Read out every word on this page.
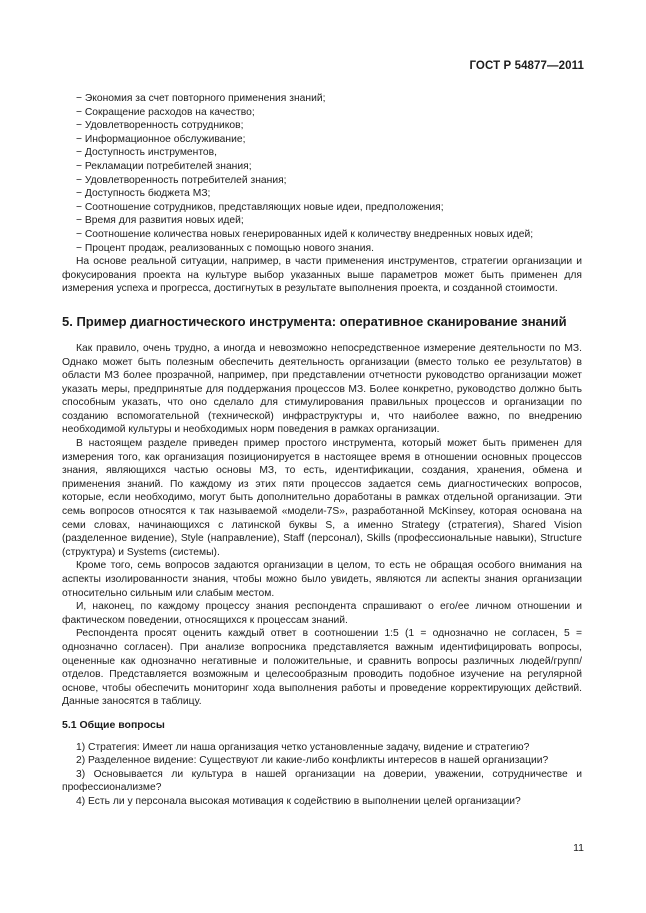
ГОСТ Р 54877—2011
− Экономия за счет повторного применения знаний;
− Сокращение расходов на качество;
− Удовлетворенность сотрудников;
− Информационное обслуживание;
− Доступность инструментов,
− Рекламации потребителей знания;
− Удовлетворенность потребителей знания;
− Доступность бюджета МЗ;
− Соотношение сотрудников, представляющих новые идеи, предположения;
− Время для развития новых идей;
− Соотношение количества новых генерированных идей к количеству внедренных новых идей;
− Процент продаж, реализованных с помощью нового знания.

На основе реальной ситуации, например, в части применения инструментов, стратегии организации и фокусирования проекта на культуре выбор указанных выше параметров может быть применен для измерения успеха и прогресса, достигнутых в результате выполнения проекта, и созданной стоимости.

5. Пример диагностического инструмента: оперативное сканирование знаний

Как правило, очень трудно, а иногда и невозможно непосредственное измерение деятельности по МЗ. Однако может быть полезным обеспечить деятельность организации (вместо только ее результатов) в области МЗ более прозрачной, например, при представлении отчетности руководство организации может указать меры, предпринятые для поддержания процессов МЗ. Более конкретно, руководство должно быть способным указать, что оно сделало для стимулирования правильных процессов и организации по созданию вспомогательной (технической) инфраструктуры и, что наиболее важно, по внедрению необходимой культуры и необходимых норм поведения в рамках организации.

В настоящем разделе приведен пример простого инструмента, который может быть применен для измерения того, как организация позиционируется в настоящее время в отношении основных процессов знания, являющихся частью основы МЗ, то есть, идентификации, создания, хранения, обмена и применения знаний. По каждому из этих пяти процессов задается семь диагностических вопросов, которые, если необходимо, могут быть дополнительно доработаны в рамках отдельной организации. Эти семь вопросов относятся к так называемой «модели-7S», разработанной McKinsey, которая основана на семи словах, начинающихся с латинской буквы S, а именно Strategy (стратегия), Shared Vision (разделенное видение), Style (направление), Staff (персонал), Skills (профессиональные навыки), Structure (структура) и Systems (системы).

Кроме того, семь вопросов задаются организации в целом, то есть не обращая особого внимания на аспекты изолированности знания, чтобы можно было увидеть, являются ли аспекты знания организации относительно сильным или слабым местом.

И, наконец, по каждому процессу знания респондента спрашивают о его/ее личном отношении и фактическом поведении, относящихся к процессам знаний.

Респондента просят оценить каждый ответ в соотношении 1:5 (1 = однозначно не согласен, 5 = однозначно согласен). При анализе вопросника представляется важным идентифицировать вопросы, оцененные как однозначно негативные и положительные, и сравнить вопросы различных людей/групп/отделов. Представляется возможным и целесообразным проводить подобное изучение на регулярной основе, чтобы обеспечить мониторинг хода выполнения работы и проведение корректирующих действий. Данные заносятся в таблицу.

5.1 Общие вопросы

1) Стратегия: Имеет ли наша организация четко установленные задачу, видение и стратегию?

2) Разделенное видение: Существуют ли какие-либо конфликты интересов в нашей организации?

3) Основывается ли культура в нашей организации на доверии, уважении, сотрудничестве и профессионализме?

4) Есть ли у персонала высокая мотивация к содействию в выполнении целей организации?

11
